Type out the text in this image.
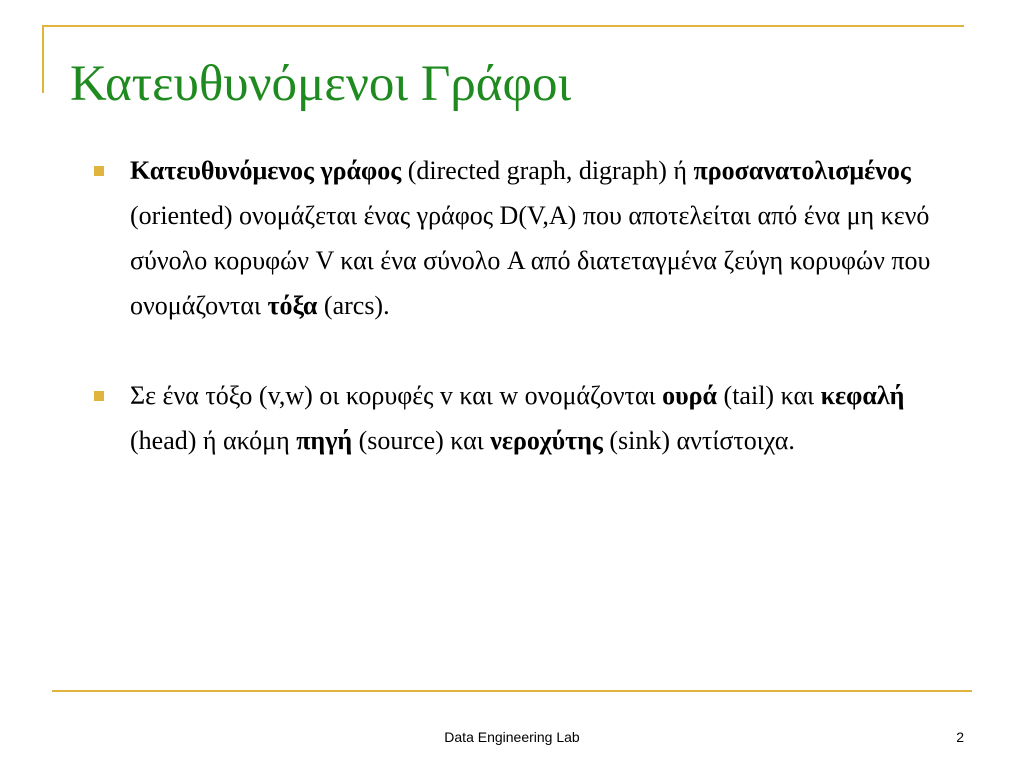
Κατευθυνόμενοι Γράφοι
Κατευθυνόμενος γράφος (directed graph, digraph) ή προσανατολισμένος (oriented) ονομάζεται ένας γράφος D(V,A) που αποτελείται από ένα μη κενό σύνολο κορυφών V και ένα σύνολο A από διατεταγμένα ζεύγη κορυφών που ονομάζονται τόξα (arcs).
Σε ένα τόξο (v,w) οι κορυφές v και w ονομάζονται ουρά (tail) και κεφαλή (head) ή ακόμη πηγή (source) και νεροχύτης (sink) αντίστοιχα.
Data Engineering Lab	2
